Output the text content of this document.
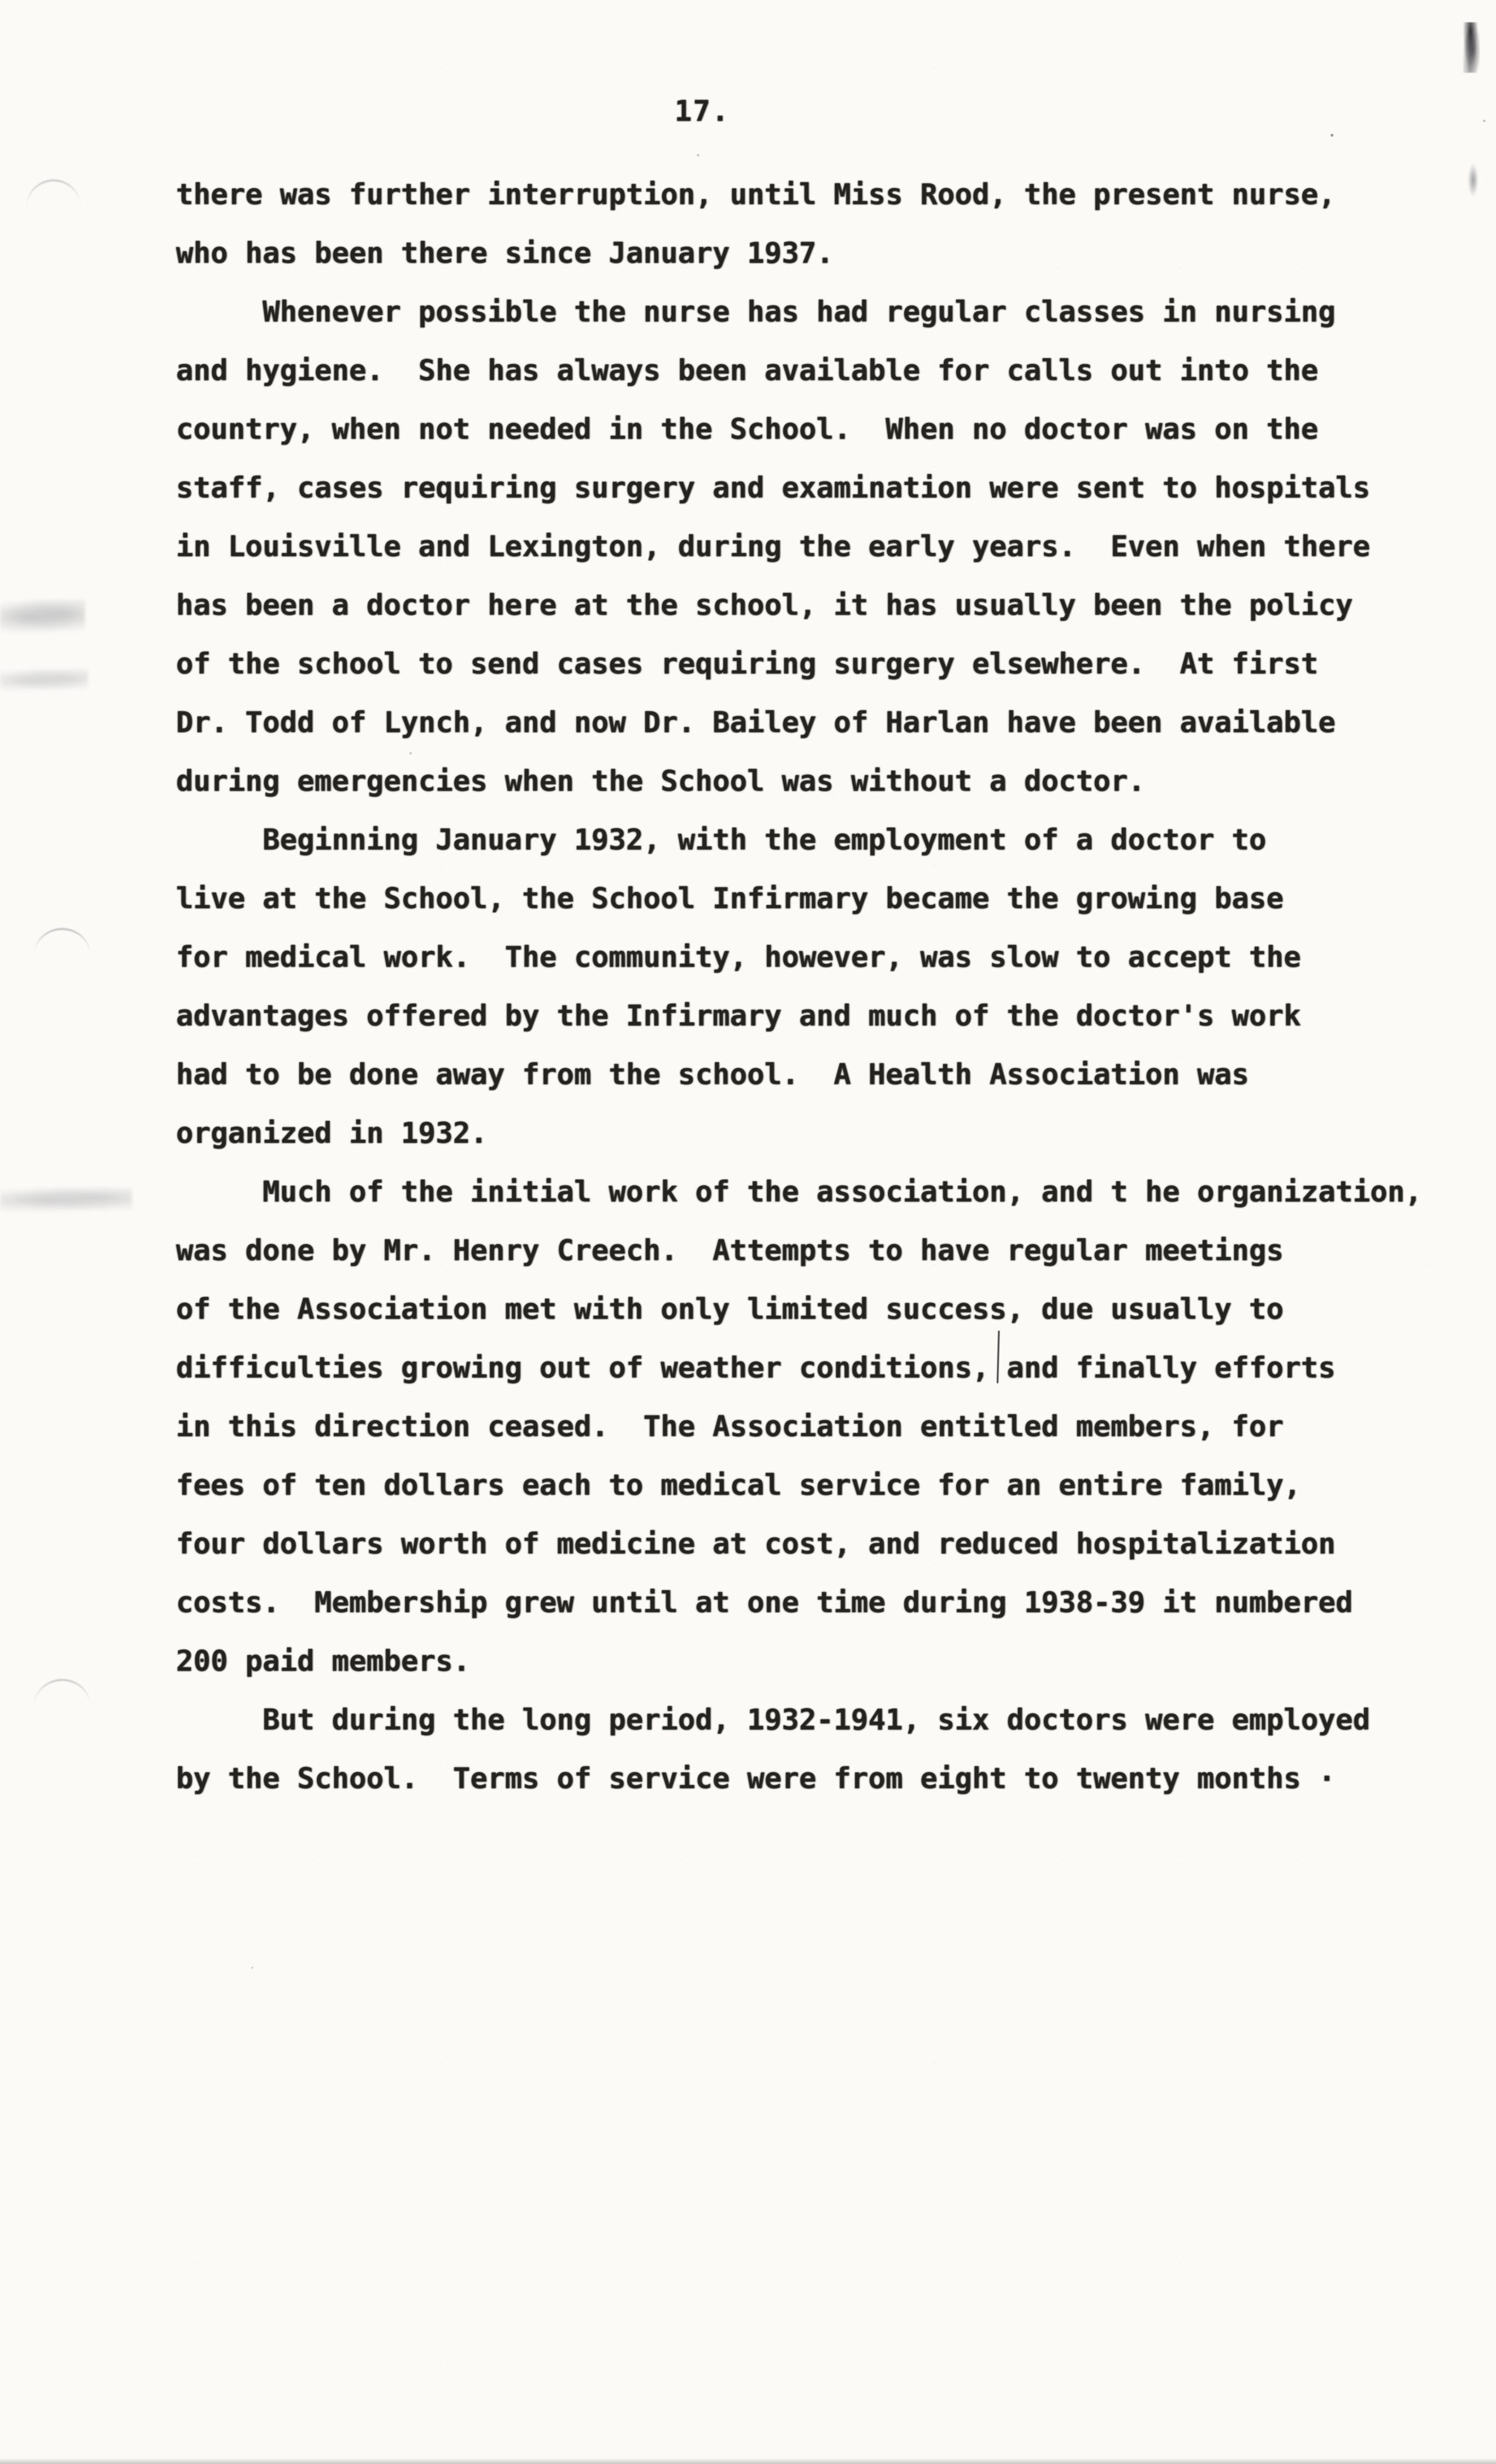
17.
there was further interruption, until Miss Rood, the present nurse,
who has been there since January 1937.
Whenever possible the nurse has had regular classes in nursing
and hygiene.  She has always been available for calls out into the
country, when not needed in the School.  When no doctor was on the
staff, cases requiring surgery and examination were sent to hospitals
in Louisville and Lexington, during the early years.  Even when there
has been a doctor here at the school, it has usually been the policy
of the school to send cases requiring surgery elsewhere.  At first
Dr. Todd of Lynch, and now Dr. Bailey of Harlan have been available
during emergencies when the School was without a doctor.
Beginning January 1932, with the employment of a doctor to
live at the School, the School Infirmary became the growing base
for medical work.  The community, however, was slow to accept the
advantages offered by the Infirmary and much of the doctor's work
had to be done away from the school.  A Health Association was
organized in 1932.
Much of the initial work of the association, and t he organization,
was done by Mr. Henry Creech.  Attempts to have regular meetings
of the Association met with only limited success, due usually to
difficulties growing out of weather conditions, and finally efforts
in this direction ceased.  The Association entitled members, for
fees of ten dollars each to medical service for an entire family,
four dollars worth of medicine at cost, and reduced hospitalization
costs.  Membership grew until at one time during 1938-39 it numbered
200 paid members.
But during the long period, 1932-1941, six doctors were employed
by the School.  Terms of service were from eight to twenty months ·
